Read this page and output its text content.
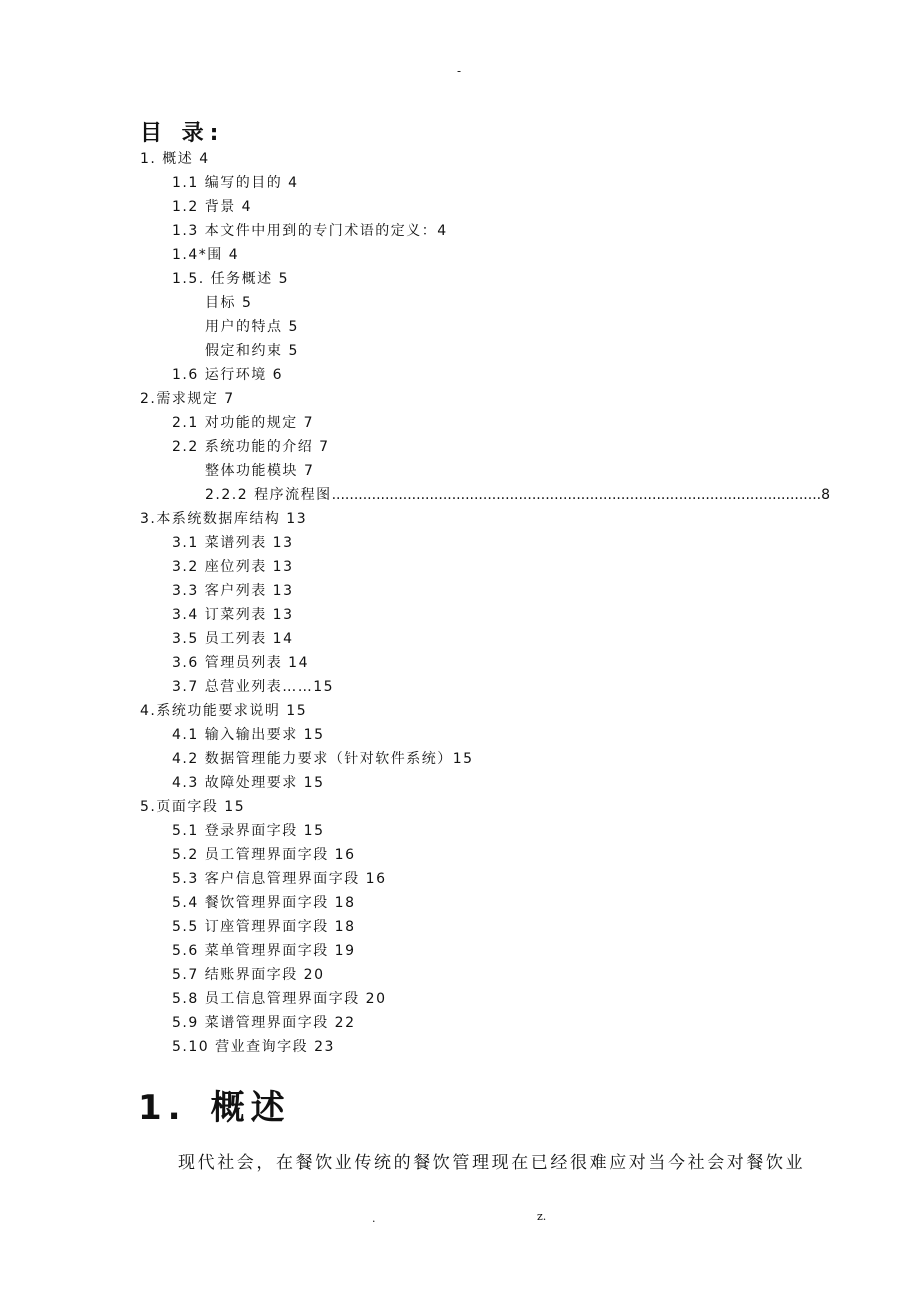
-
目 录:
1. 概述 4
1.1 编写的目的 4
1.2 背景 4
1.3 本文件中用到的专门术语的定义：4
1.4*围 4
1.5. 任务概述 5
目标 5
用户的特点 5
假定和约束 5
1.6 运行环境 6
2.需求规定 7
2.1 对功能的规定 7
2.2 系统功能的介绍 7
整体功能模块 7
2.2.2 程序流程图..............................................................................................................8
3.本系统数据库结构 13
3.1 菜谱列表 13
3.2 座位列表 13
3.3 客户列表 13
3.4 订菜列表 13
3.5 员工列表 14
3.6 管理员列表 14
3.7 总营业列表……15
4.系统功能要求说明 15
4.1 输入输出要求 15
4.2 数据管理能力要求（针对软件系统）15
4.3 故障处理要求 15
5.页面字段 15
5.1 登录界面字段 15
5.2 员工管理界面字段 16
5.3 客户信息管理界面字段 16
5.4 餐饮管理界面字段 18
5.5 订座管理界面字段 18
5.6 菜单管理界面字段 19
5.7 结账界面字段 20
5.8 员工信息管理界面字段 20
5.9 菜谱管理界面字段 22
5.10 营业查询字段 23
1. 概述
现代社会，在餐饮业传统的餐饮管理现在已经很难应对当今社会对餐饮业
.	z.
